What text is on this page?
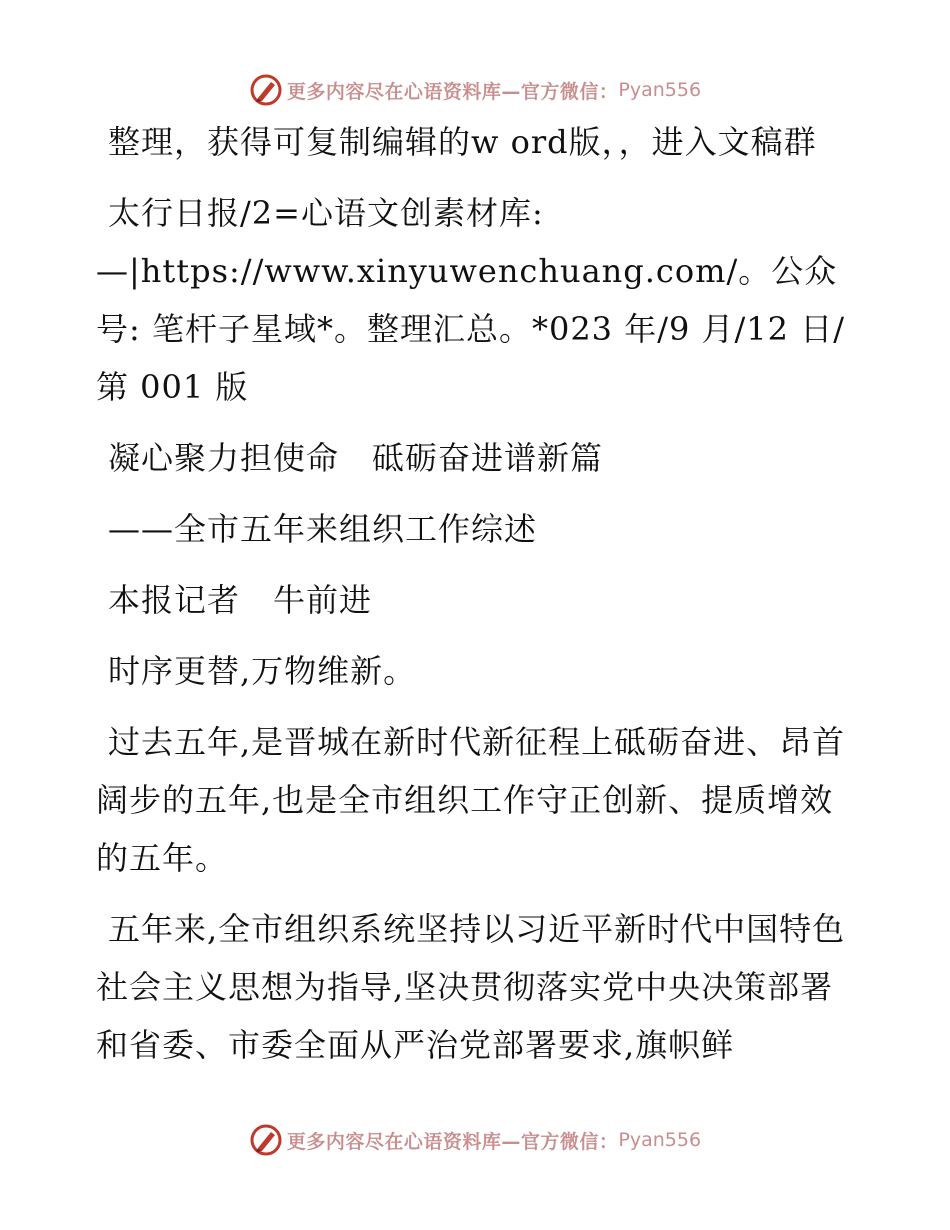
更多内容尽在心语资料库—官方微信： Pyan556

整理，获得可复制编辑的w ord版，，进入文稿群

太行日报/2=心语文创素材库: —|https://www.xinyuwenchuang.com/。公众号: 笔杆子星域*。整理汇总。*023 年/9 月/12 日/第 001 版

凝心聚力担使命　砥砺奋进谱新篇

——全市五年来组织工作综述

本报记者　牛前进

时序更替,万物维新。

过去五年,是晋城在新时代新征程上砥砺奋进、昂首阔步的五年,也是全市组织工作守正创新、提质增效的五年。

五年来,全市组织系统坚持以习近平新时代中国特色社会主义思想为指导,坚决贯彻落实党中央决策部署和省委、市委全面从严治党部署要求,旗帜鲜

更多内容尽在心语资料库—官方微信： Pyan556
